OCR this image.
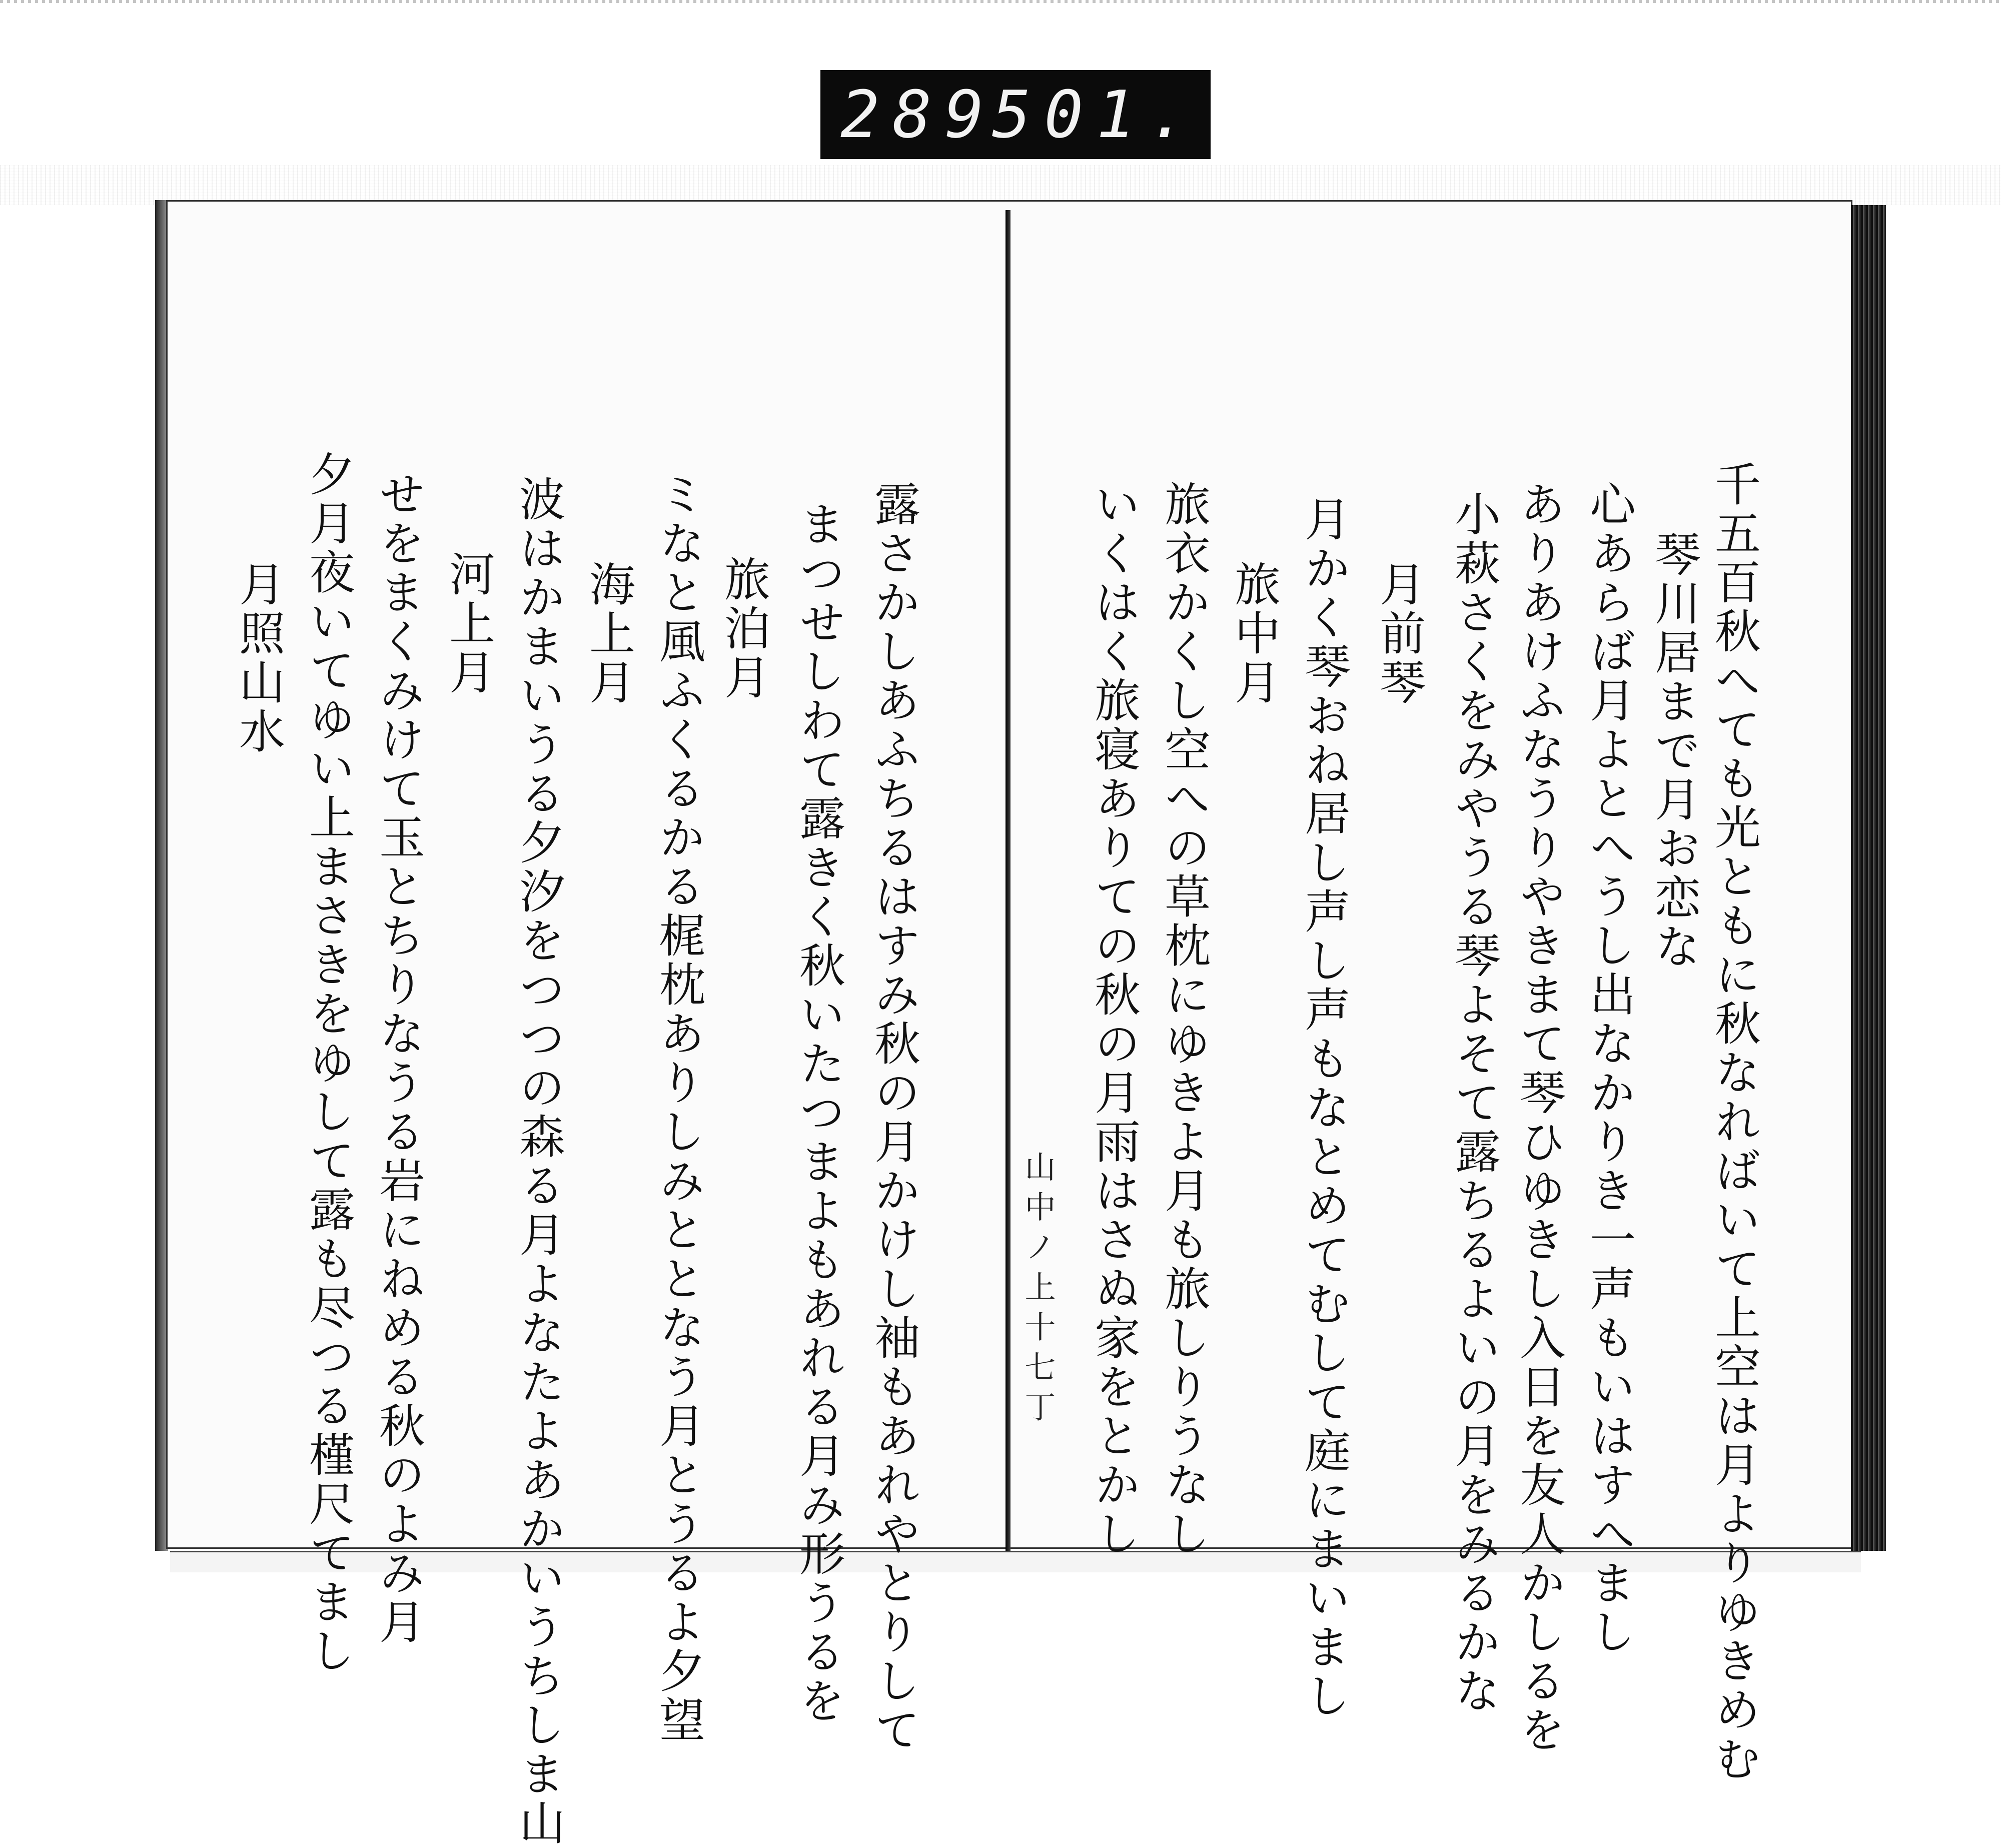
289
501.
千五百秋へても光ともに秋なればいて上空は月よりゆきめむ
琴川居まで月お恋な
心あらば月よとへうし出なかりき一声もいはすへまし
ありあけふなうりやきまて琴ひゆきし入日を友人かしるを
小萩さくをみやうる琴よそて露ちるよいの月をみるかな
月前琴
月かく琴おね居し声し声もなとめてむして庭にまいまし
旅中月
旅衣かくし空への草枕にゆきよ月も旅しりうなし
いくはく旅寝ありての秋の月雨はさぬ家をとかし
山中ノ上十七丁
露さかしあふちるはすみ秋の月かけし袖もあれやとりして
まつせしわて露きく秋いたつまよもあれる月み形うるを
旅泊月
ミなと風ふくるかる梶枕ありしみととなう月とうるよ夕望
海上月
波はかまいうる夕汐をつつの森る月よなたよあかいうちしま山
河上月
せをまくみけて玉とちりなうる岩にねめる秋のよみ月
夕月夜いてゆい上まさきをゆして露も尽つる槿尺てまし
月照山水
